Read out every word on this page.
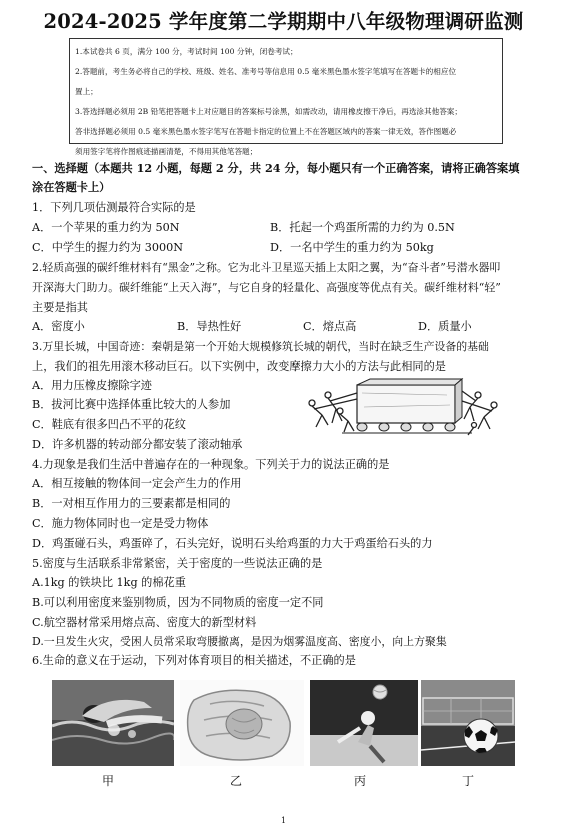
2024-2025 学年度第二学期期中八年级物理调研监测
1.本试卷共 6 页，满分 100 分，考试时间 100 分钟，闭卷考试；
2.答题前，考生务必将自己的学校、班级、姓名、准考号等信息用 0.5 毫米黑色墨水签字笔填写在答题卡的相应位
置上；
3.答选择题必须用 2B 铅笔把答题卡上对应题目的答案标号涂黑，如需改动，请用橡皮擦干净后，再选涂其他答案；
答非选择题必须用 0.5 毫米黑色墨水签字笔写在答题卡指定的位置上不在答题区域内的答案一律无效，答作图题必
须用签字笔将作图痕迹描画清楚，不得用其他笔答题；
一、选择题（本题共 12 小题，每题 2 分，共 24 分，每小题只有一个正确答案，请将正确答案填
涂在答题卡上）
1．下列几项估测最符合实际的是
A．一个苹果的重力约为 50N	B．托起一个鸡蛋所需的力约为 0.5N
C．中学生的握力约为 3000N	D．一名中学生的重力约为 50kg
2.轻质高强的碳纤维材料有“黑金”之称。它为北斗卫星巡天插上太阳之翼，为“奋斗者”号潜水器叩
开深海大门助力。碳纤维能“上天入海”，与它自身的轻量化、高强度等优点有关。碳纤维材料“轻”
主要是指其
A．密度小	B．导热性好	C．熔点高	D．质量小
3.万里长城，中国奇迹：秦朝是第一个开始大规模修筑长城的朝代，当时在缺乏生产设备的基础
上，我们的祖先用滚木移动巨石。以下实例中，改变摩擦力大小的方法与此相同的是
A．用力压橡皮擦除字迹
B．拔河比赛中选择体重比较大的人参加
C．鞋底有很多凹凸不平的花纹
D．许多机器的转动部分都安装了滚动轴承
4.力现象是我们生活中普遍存在的一种现象。下列关于力的说法正确的是
A．相互接触的物体间一定会产生力的作用
B．一对相互作用力的三要素都是相同的
C．施力物体同时也一定是受力物体
D．鸡蛋碰石头，鸡蛋碎了，石头完好，说明石头给鸡蛋的力大于鸡蛋给石头的力
5.密度与生活联系非常紧密，关于密度的一些说法正确的是
A.1kg 的铁块比 1kg 的棉花重
B.可以利用密度来鉴别物质，因为不同物质的密度一定不同
C.航空器材常采用熔点高、密度大的新型材料
D.一旦发生火灾，受困人员常采取弯腰撤离，是因为烟雾温度高、密度小，向上方聚集
6.生命的意义在于运动，下列对体育项目的相关描述，不正确的是
甲	乙	丙	丁
1
